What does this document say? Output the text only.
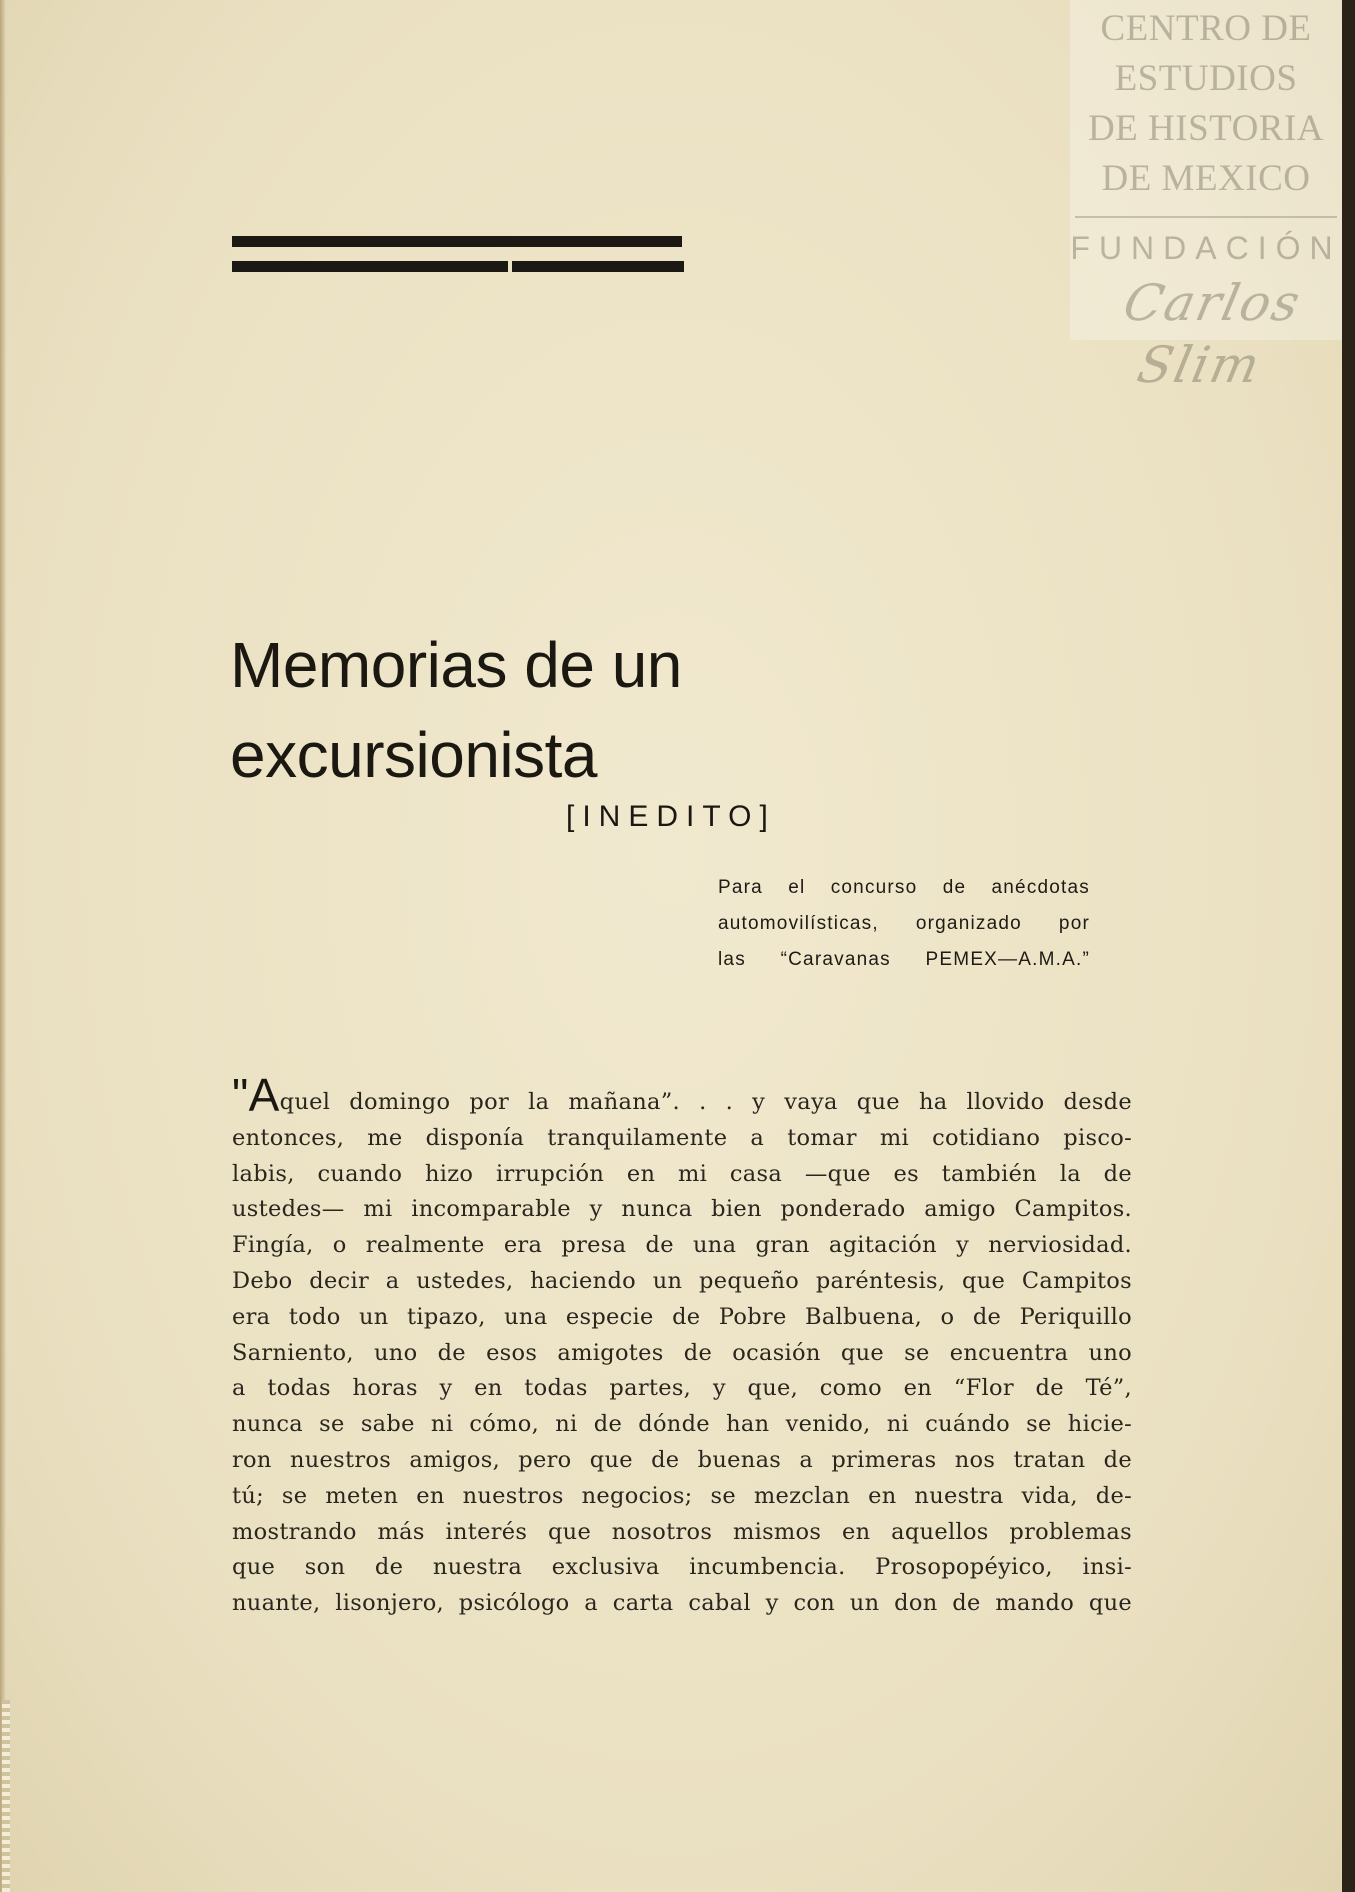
CENTRO DE
ESTUDIOS
DE HISTORIA
DE MEXICO
FUNDACIÓN
Carlos Slim
Memorias de un
excursionista

[INEDITO]

Para el concurso de anécdotas
automovilísticas, organizado por
las “Caravanas PEMEX—A.M.A.”

"Aquel domingo por la mañana”. . . y vaya que ha llovido desde
entonces, me disponía tranquilamente a tomar mi cotidiano pisco-
labis, cuando hizo irrupción en mi casa —que es también la de
ustedes— mi incomparable y nunca bien ponderado amigo Campitos.
Fingía, o realmente era presa de una gran agitación y nerviosidad.
Debo decir a ustedes, haciendo un pequeño paréntesis, que Campitos
era todo un tipazo, una especie de Pobre Balbuena, o de Periquillo
Sarniento, uno de esos amigotes de ocasión que se encuentra uno
a todas horas y en todas partes, y que, como en “Flor de Té”,
nunca se sabe ni cómo, ni de dónde han venido, ni cuándo se hicie-
ron nuestros amigos, pero que de buenas a primeras nos tratan de
tú; se meten en nuestros negocios; se mezclan en nuestra vida, de-
mostrando más interés que nosotros mismos en aquellos problemas
que son de nuestra exclusiva incumbencia. Prosopopéyico, insi-
nuante, lisonjero, psicólogo a carta cabal y con un don de mando que
